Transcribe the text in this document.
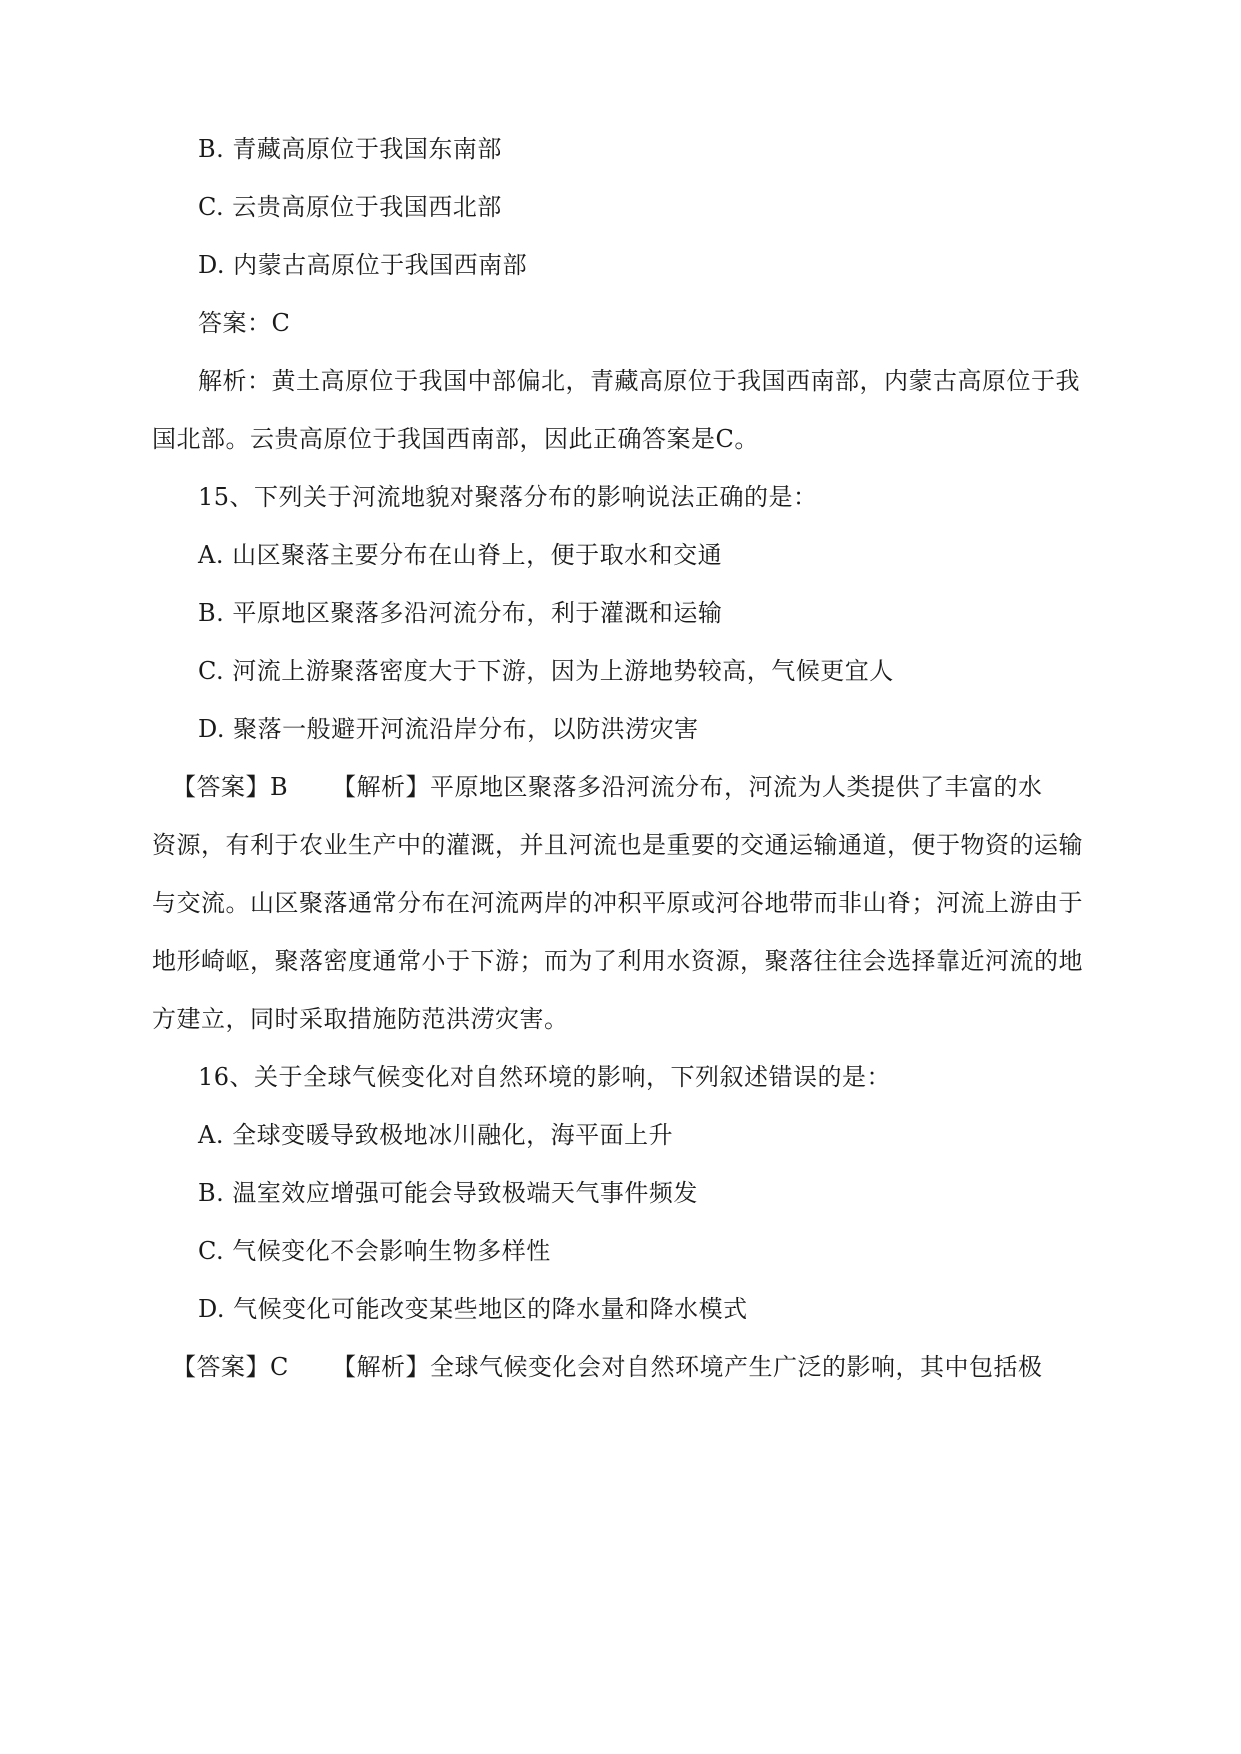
B. 青藏高原位于我国东南部
C. 云贵高原位于我国西北部
D. 内蒙古高原位于我国西南部
答案：C
解析：黄土高原位于我国中部偏北，青藏高原位于我国西南部，内蒙古高原位于我
国北部。云贵高原位于我国西南部，因此正确答案是C。
15、下列关于河流地貌对聚落分布的影响说法正确的是：
A. 山区聚落主要分布在山脊上，便于取水和交通
B. 平原地区聚落多沿河流分布，利于灌溉和运输
C. 河流上游聚落密度大于下游，因为上游地势较高，气候更宜人
D. 聚落一般避开河流沿岸分布，以防洪涝灾害
【答案】B 【解析】平原地区聚落多沿河流分布，河流为人类提供了丰富的水
资源，有利于农业生产中的灌溉，并且河流也是重要的交通运输通道，便于物资的运输
与交流。山区聚落通常分布在河流两岸的冲积平原或河谷地带而非山脊；河流上游由于
地形崎岖，聚落密度通常小于下游；而为了利用水资源，聚落往往会选择靠近河流的地
方建立，同时采取措施防范洪涝灾害。
16、关于全球气候变化对自然环境的影响，下列叙述错误的是：
A. 全球变暖导致极地冰川融化，海平面上升
B. 温室效应增强可能会导致极端天气事件频发
C. 气候变化不会影响生物多样性
D. 气候变化可能改变某些地区的降水量和降水模式
【答案】C 【解析】全球气候变化会对自然环境产生广泛的影响，其中包括极
